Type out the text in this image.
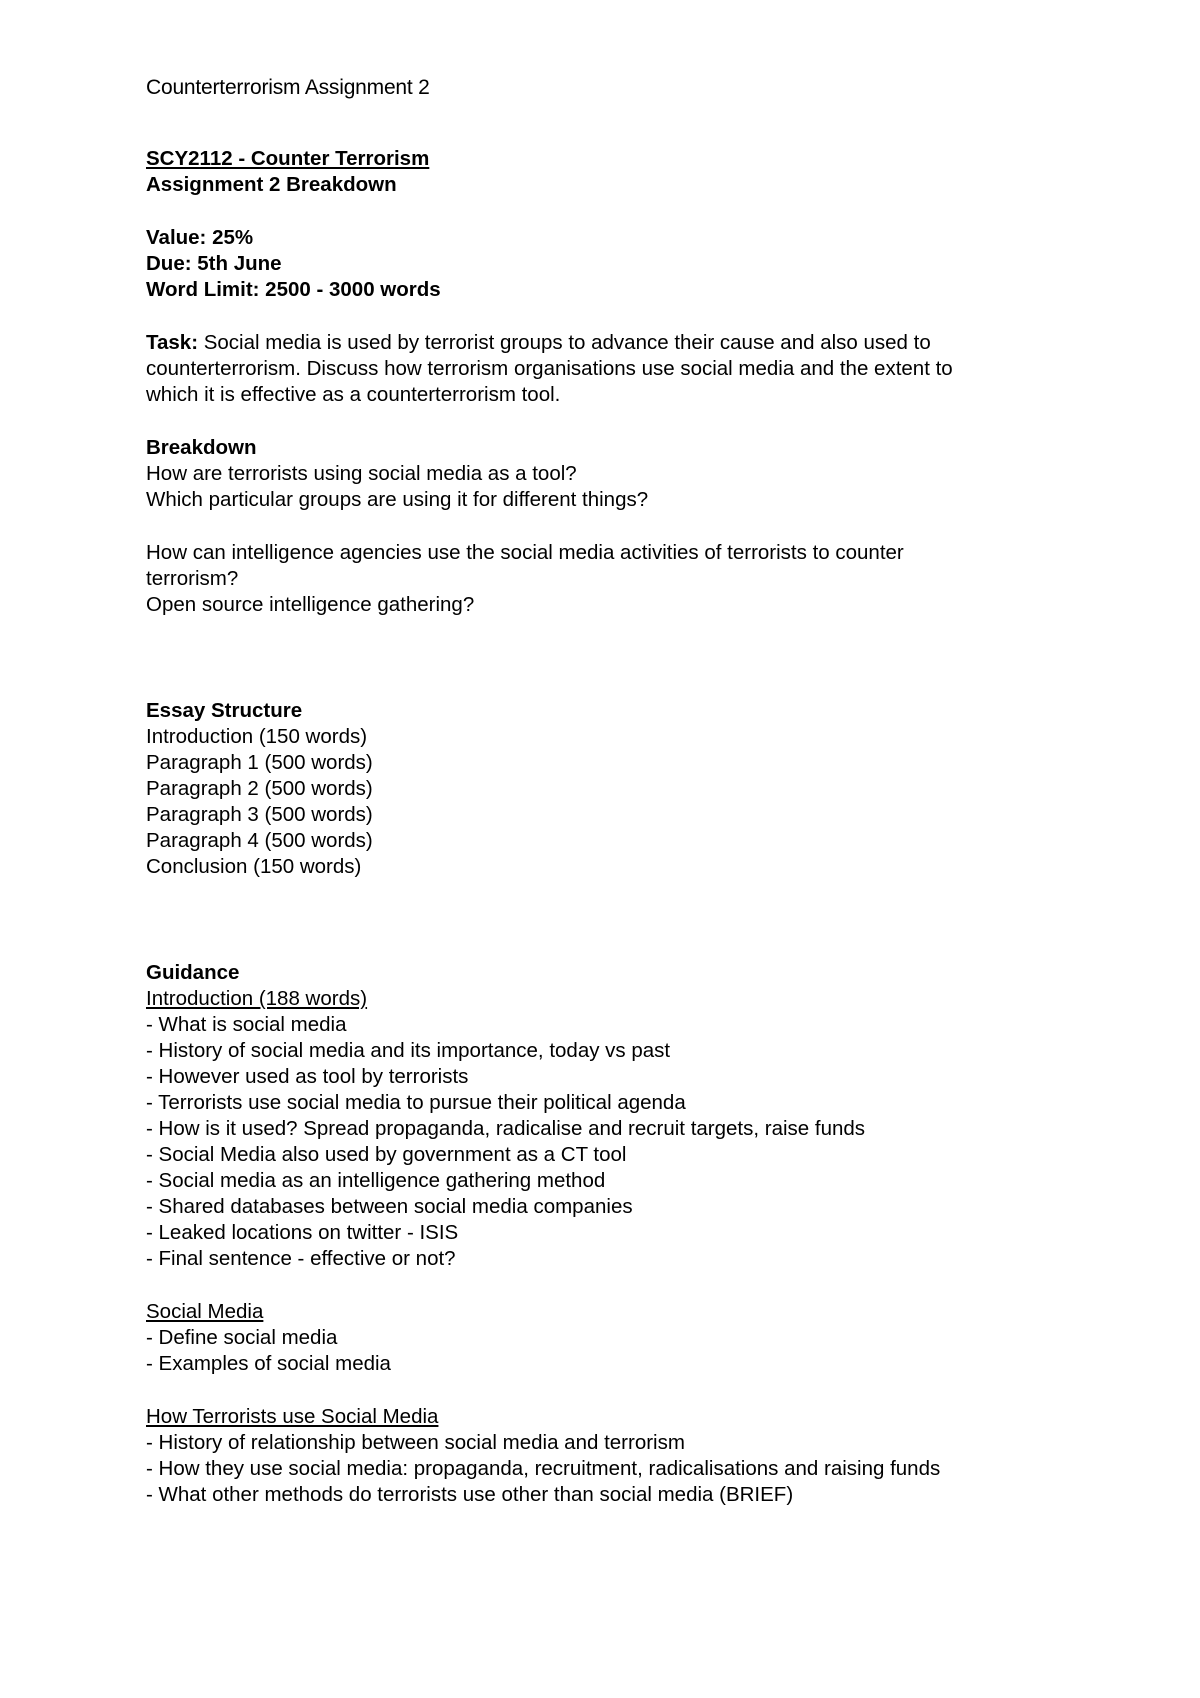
Counterterrorism Assignment 2
SCY2112 - Counter Terrorism
Assignment 2 Breakdown
Value: 25%
Due: 5th June
Word Limit: 2500 - 3000 words
Task: Social media is used by terrorist groups to advance their cause and also used to
counterterrorism. Discuss how terrorism organisations use social media and the extent to
which it is effective as a counterterrorism tool.
Breakdown
How are terrorists using social media as a tool?
Which particular groups are using it for different things?
How can intelligence agencies use the social media activities of terrorists to counter
terrorism?
Open source intelligence gathering?
Essay Structure
Introduction (150 words)
Paragraph 1 (500 words)
Paragraph 2 (500 words)
Paragraph 3 (500 words)
Paragraph 4 (500 words)
Conclusion (150 words)
Guidance
Introduction (188 words)
- What is social media
- History of social media and its importance, today vs past
- However used as tool by terrorists
- Terrorists use social media to pursue their political agenda
- How is it used? Spread propaganda, radicalise and recruit targets, raise funds
- Social Media also used by government as a CT tool
- Social media as an intelligence gathering method
- Shared databases between social media companies
- Leaked locations on twitter - ISIS
- Final sentence - effective or not?
Social Media
- Define social media
- Examples of social media
How Terrorists use Social Media
- History of relationship between social media and terrorism
- How they use social media: propaganda, recruitment, radicalisations and raising funds
- What other methods do terrorists use other than social media (BRIEF)
